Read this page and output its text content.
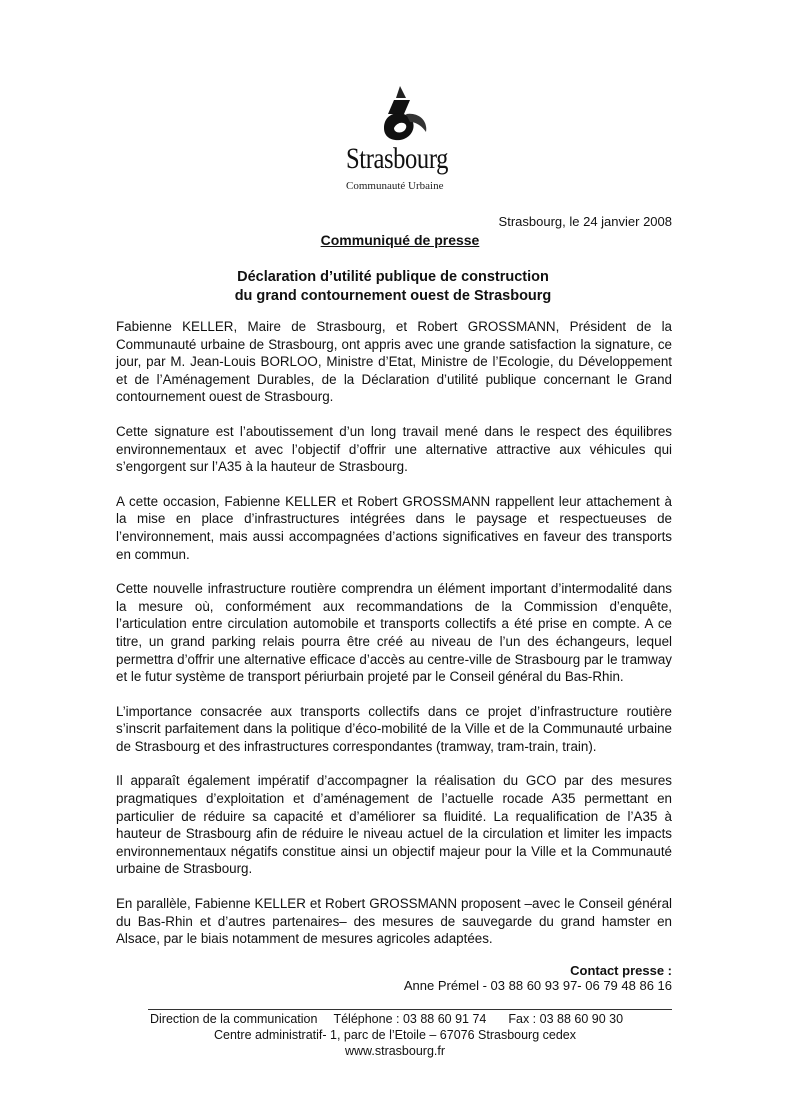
Strasbourg
Communauté Urbaine
Strasbourg, le 24 janvier 2008
Communiqué de presse
Déclaration d’utilité publique de construction
du grand contournement ouest de Strasbourg

Fabienne KELLER, Maire de Strasbourg, et Robert GROSSMANN, Président de la Communauté urbaine de Strasbourg, ont appris avec une grande satisfaction la signature, ce jour, par M. Jean-Louis BORLOO, Ministre d’Etat, Ministre de l’Ecologie, du Développement et de l’Aménagement Durables, de la Déclaration d’utilité publique concernant le Grand contournement ouest de Strasbourg.

Cette signature est l’aboutissement d’un long travail mené dans le respect des équilibres environnementaux et avec l’objectif d’offrir une alternative attractive aux véhicules qui s’engorgent sur l’A35 à la hauteur de Strasbourg.

A cette occasion, Fabienne KELLER et Robert GROSSMANN rappellent leur attachement à la mise en place d’infrastructures intégrées dans le paysage et respectueuses de l’environnement, mais aussi accompagnées d’actions significatives en faveur des transports en commun.

Cette nouvelle infrastructure routière comprendra un élément important d’intermodalité dans la mesure où, conformément aux recommandations de la Commission d’enquête, l’articulation entre circulation automobile et transports collectifs a été prise en compte. A ce titre, un grand parking relais pourra être créé au niveau de l’un des échangeurs, lequel permettra d’offrir une alternative efficace d’accès au centre-ville de Strasbourg par le tramway et le futur système de transport périurbain projeté par le Conseil général du Bas-Rhin.

L’importance consacrée aux transports collectifs dans ce projet d’infrastructure routière s’inscrit parfaitement dans la politique d’éco-mobilité de la Ville et de la Communauté urbaine de Strasbourg et des infrastructures correspondantes (tramway, tram-train, train).

Il apparaît également impératif d’accompagner la réalisation du GCO par des mesures pragmatiques d’exploitation et d’aménagement de l’actuelle rocade A35 permettant en particulier de réduire sa capacité et d’améliorer sa fluidité. La requalification de l’A35 à hauteur de Strasbourg afin de réduire le niveau actuel de la circulation et limiter les impacts environnementaux négatifs constitue ainsi un objectif majeur pour la Ville et la Communauté urbaine de Strasbourg.

En parallèle, Fabienne KELLER et Robert GROSSMANN proposent –avec le Conseil général du Bas-Rhin et d’autres partenaires– des mesures de sauvegarde du grand hamster en Alsace, par le biais notamment de mesures agricoles adaptées.

Contact presse :
Anne Prémel - 03 88 60 93 97- 06 79 48 86 16
Direction de la communication Téléphone : 03 88 60 91 74 Fax : 03 88 60 90 30
Centre administratif- 1, parc de l’Etoile – 67076 Strasbourg cedex
www.strasbourg.fr
